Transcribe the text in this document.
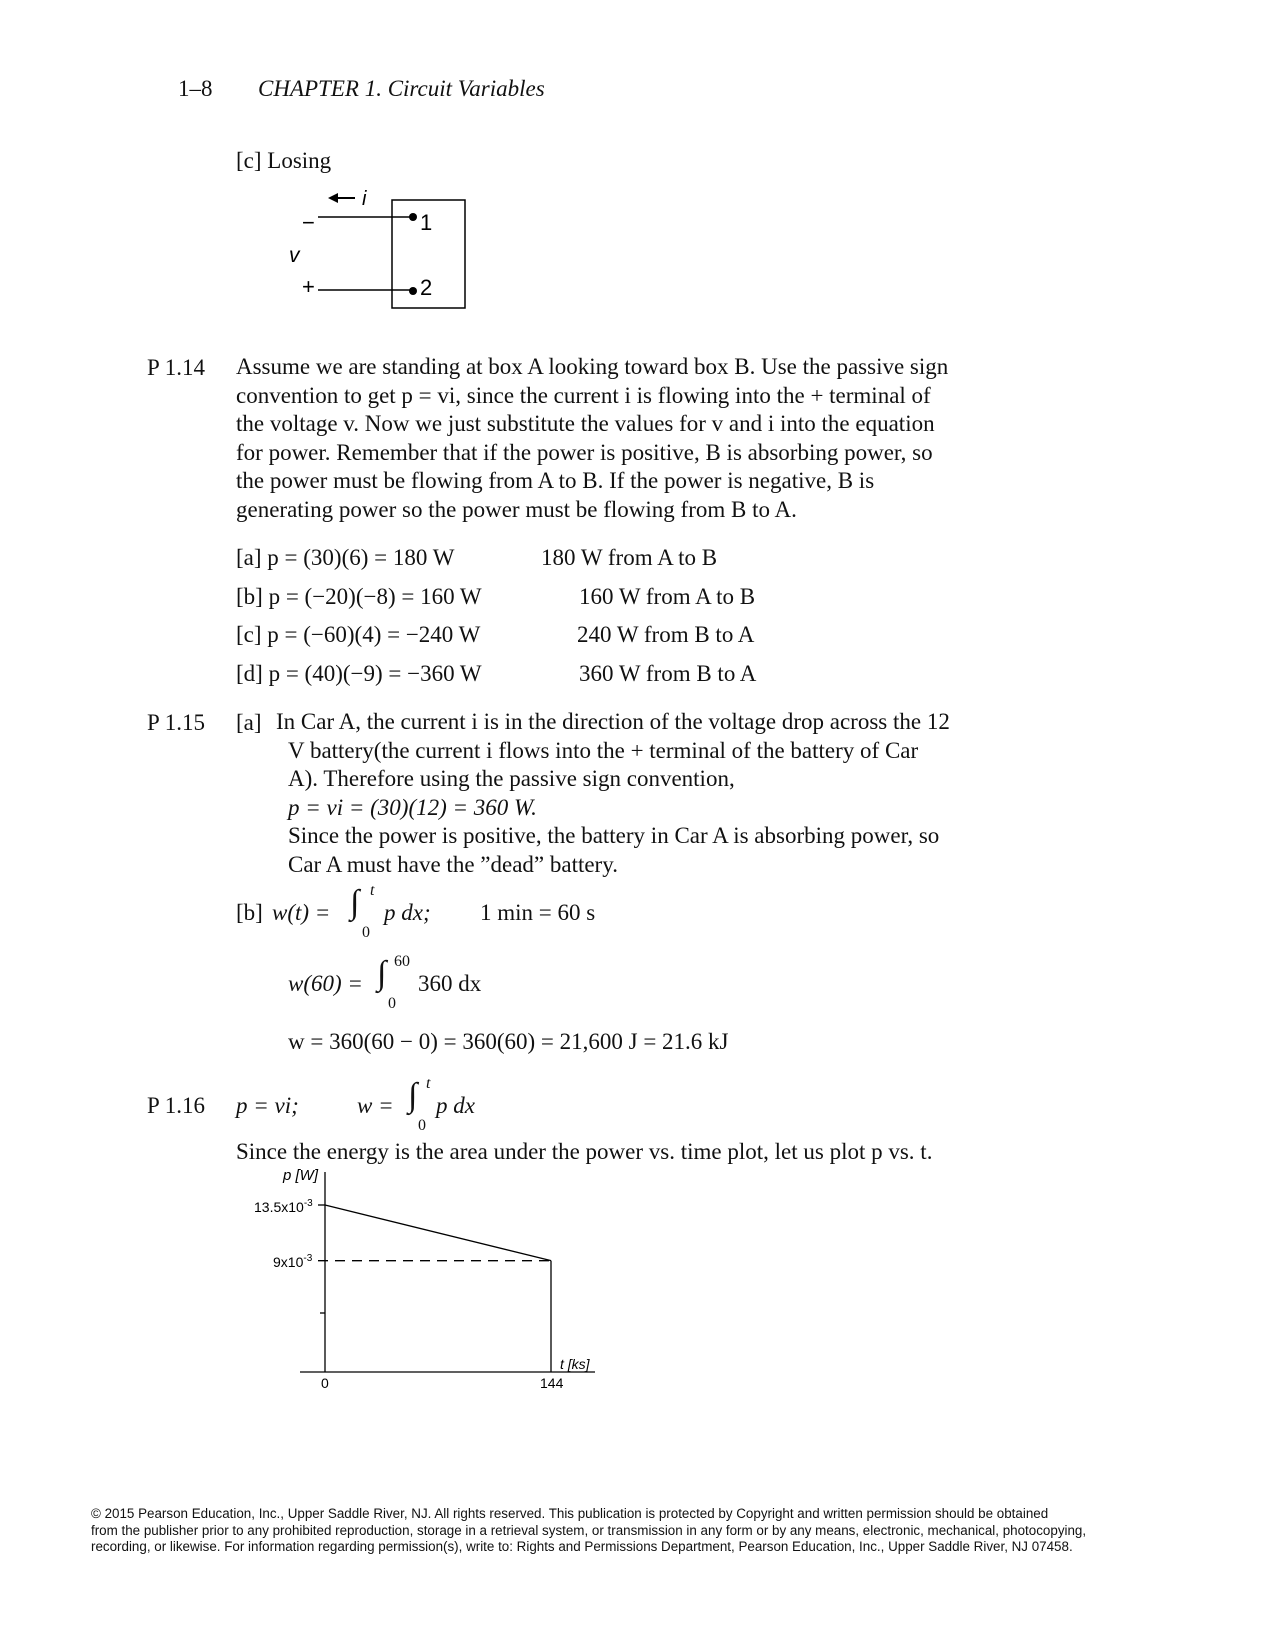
1–8 CHAPTER 1. Circuit Variables
[c] Losing
i
1
2
−
v
+
P 1.14 Assume we are standing at box A looking toward box B. Use the passive sign
convention to get p = vi, since the current i is flowing into the + terminal of
the voltage v. Now we just substitute the values for v and i into the equation
for power. Remember that if the power is positive, B is absorbing power, so
the power must be flowing from A to B. If the power is negative, B is
generating power so the power must be flowing from B to A.
[a] p = (30)(6) = 180 W	180 W from A to B
[b] p = (−20)(−8) = 160 W	160 W from A to B
[c] p = (−60)(4) = −240 W	240 W from B to A
[d] p = (40)(−9) = −360 W	360 W from B to A
P 1.15 [a] In Car A, the current i is in the direction of the voltage drop across the 12
V battery(the current i flows into the + terminal of the battery of Car
A). Therefore using the passive sign convention,
p = vi = (30)(12) = 360 W.
Since the power is positive, the battery in Car A is absorbing power, so
Car A must have the ”dead” battery.
[b] w(t) = ∫ t
0
p dx; 1 min = 60 s
w(60) = ∫ 60
0
360 dx
w = 360(60 − 0) = 360(60) = 21,600 J = 21.6 kJ
P 1.16 p = vi;	w = ∫ t
0
p dx
Since the energy is the area under the power vs. time plot, let us plot p vs. t.
p [W]
t [ks]
$13.5x10^{-3}$
$9x10^{-3}$
0	144
© 2015 Pearson Education, Inc., Upper Saddle River, NJ. All rights reserved. This publication is protected by Copyright and written permission should be obtained
from the publisher prior to any prohibited reproduction, storage in a retrieval system, or transmission in any form or by any means, electronic, mechanical, photocopying,
recording, or likewise. For information regarding permission(s), write to: Rights and Permissions Department, Pearson Education, Inc., Upper Saddle River, NJ 07458.
